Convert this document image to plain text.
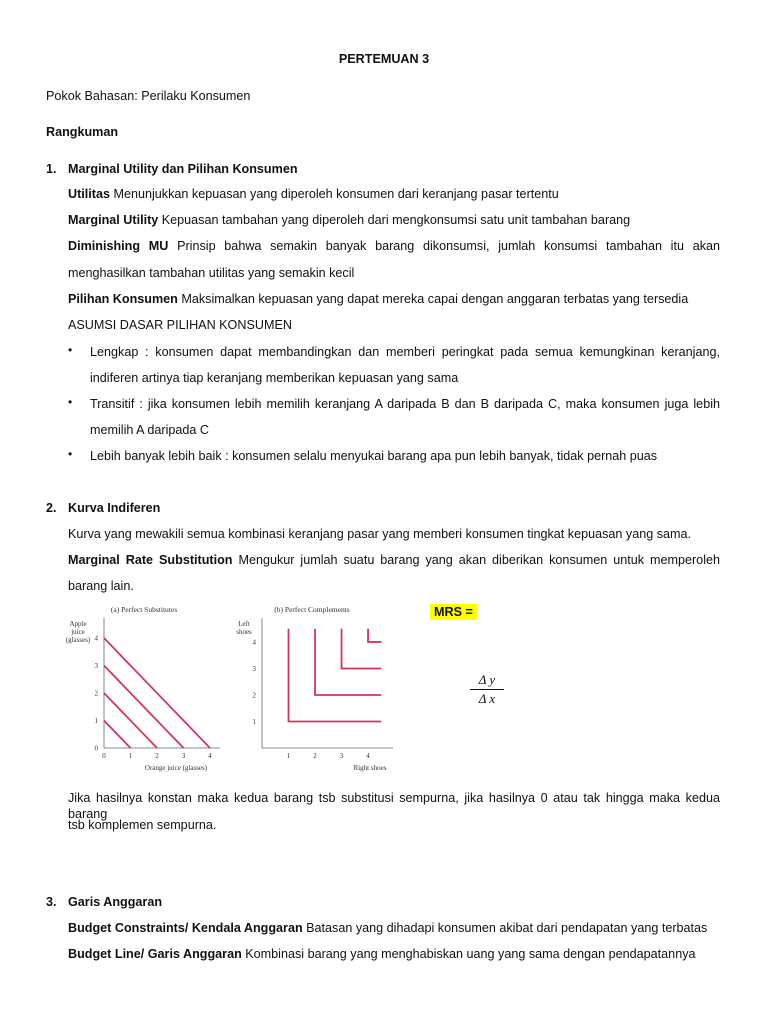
PERTEMUAN 3
Pokok Bahasan: Perilaku Konsumen
Rangkuman
1. Marginal Utility dan Pilihan Konsumen
Utilitas Menunjukkan kepuasan yang diperoleh konsumen dari keranjang pasar tertentu
Marginal Utility Kepuasan tambahan yang diperoleh dari mengkonsumsi satu unit tambahan barang
Diminishing MU Prinsip bahwa semakin banyak barang dikonsumsi, jumlah konsumsi tambahan itu akan
menghasilkan tambahan utilitas yang semakin kecil
Pilihan Konsumen Maksimalkan kepuasan yang dapat mereka capai dengan anggaran terbatas yang tersedia
ASUMSI DASAR PILIHAN KONSUMEN
• Lengkap : konsumen dapat membandingkan dan memberi peringkat pada semua kemungkinan keranjang,
indiferen artinya tiap keranjang memberikan kepuasan yang sama
• Transitif : jika konsumen lebih memilih keranjang A daripada B dan B daripada C, maka konsumen juga lebih
memilih A daripada C
• Lebih banyak lebih baik : konsumen selalu menyukai barang apa pun lebih banyak, tidak pernah puas
2. Kurva Indiferen
Kurva yang mewakili semua kombinasi keranjang pasar yang memberi konsumen tingkat kepuasan yang sama.
Marginal Rate Substitution Mengukur jumlah suatu barang yang akan diberikan konsumen untuk memperoleh
barang lain.
(a) Perfect Substitutes
Apple
juice
(glasses)
0	1	2	3	4
0
1
2
3
4
Orange juice (glasses)
(b) Perfect Complements
Left
shoes
1	2	3	4
1
2
3
4
Right shoes
MRS =
Δ y
Δ x
Jika hasilnya konstan maka kedua barang tsb substitusi sempurna, jika hasilnya 0 atau tak hingga maka kedua barang
tsb komplemen sempurna.
3. Garis Anggaran
Budget Constraints/ Kendala Anggaran Batasan yang dihadapi konsumen akibat dari pendapatan yang terbatas
Budget Line/ Garis Anggaran Kombinasi barang yang menghabiskan uang yang sama dengan pendapatannya
